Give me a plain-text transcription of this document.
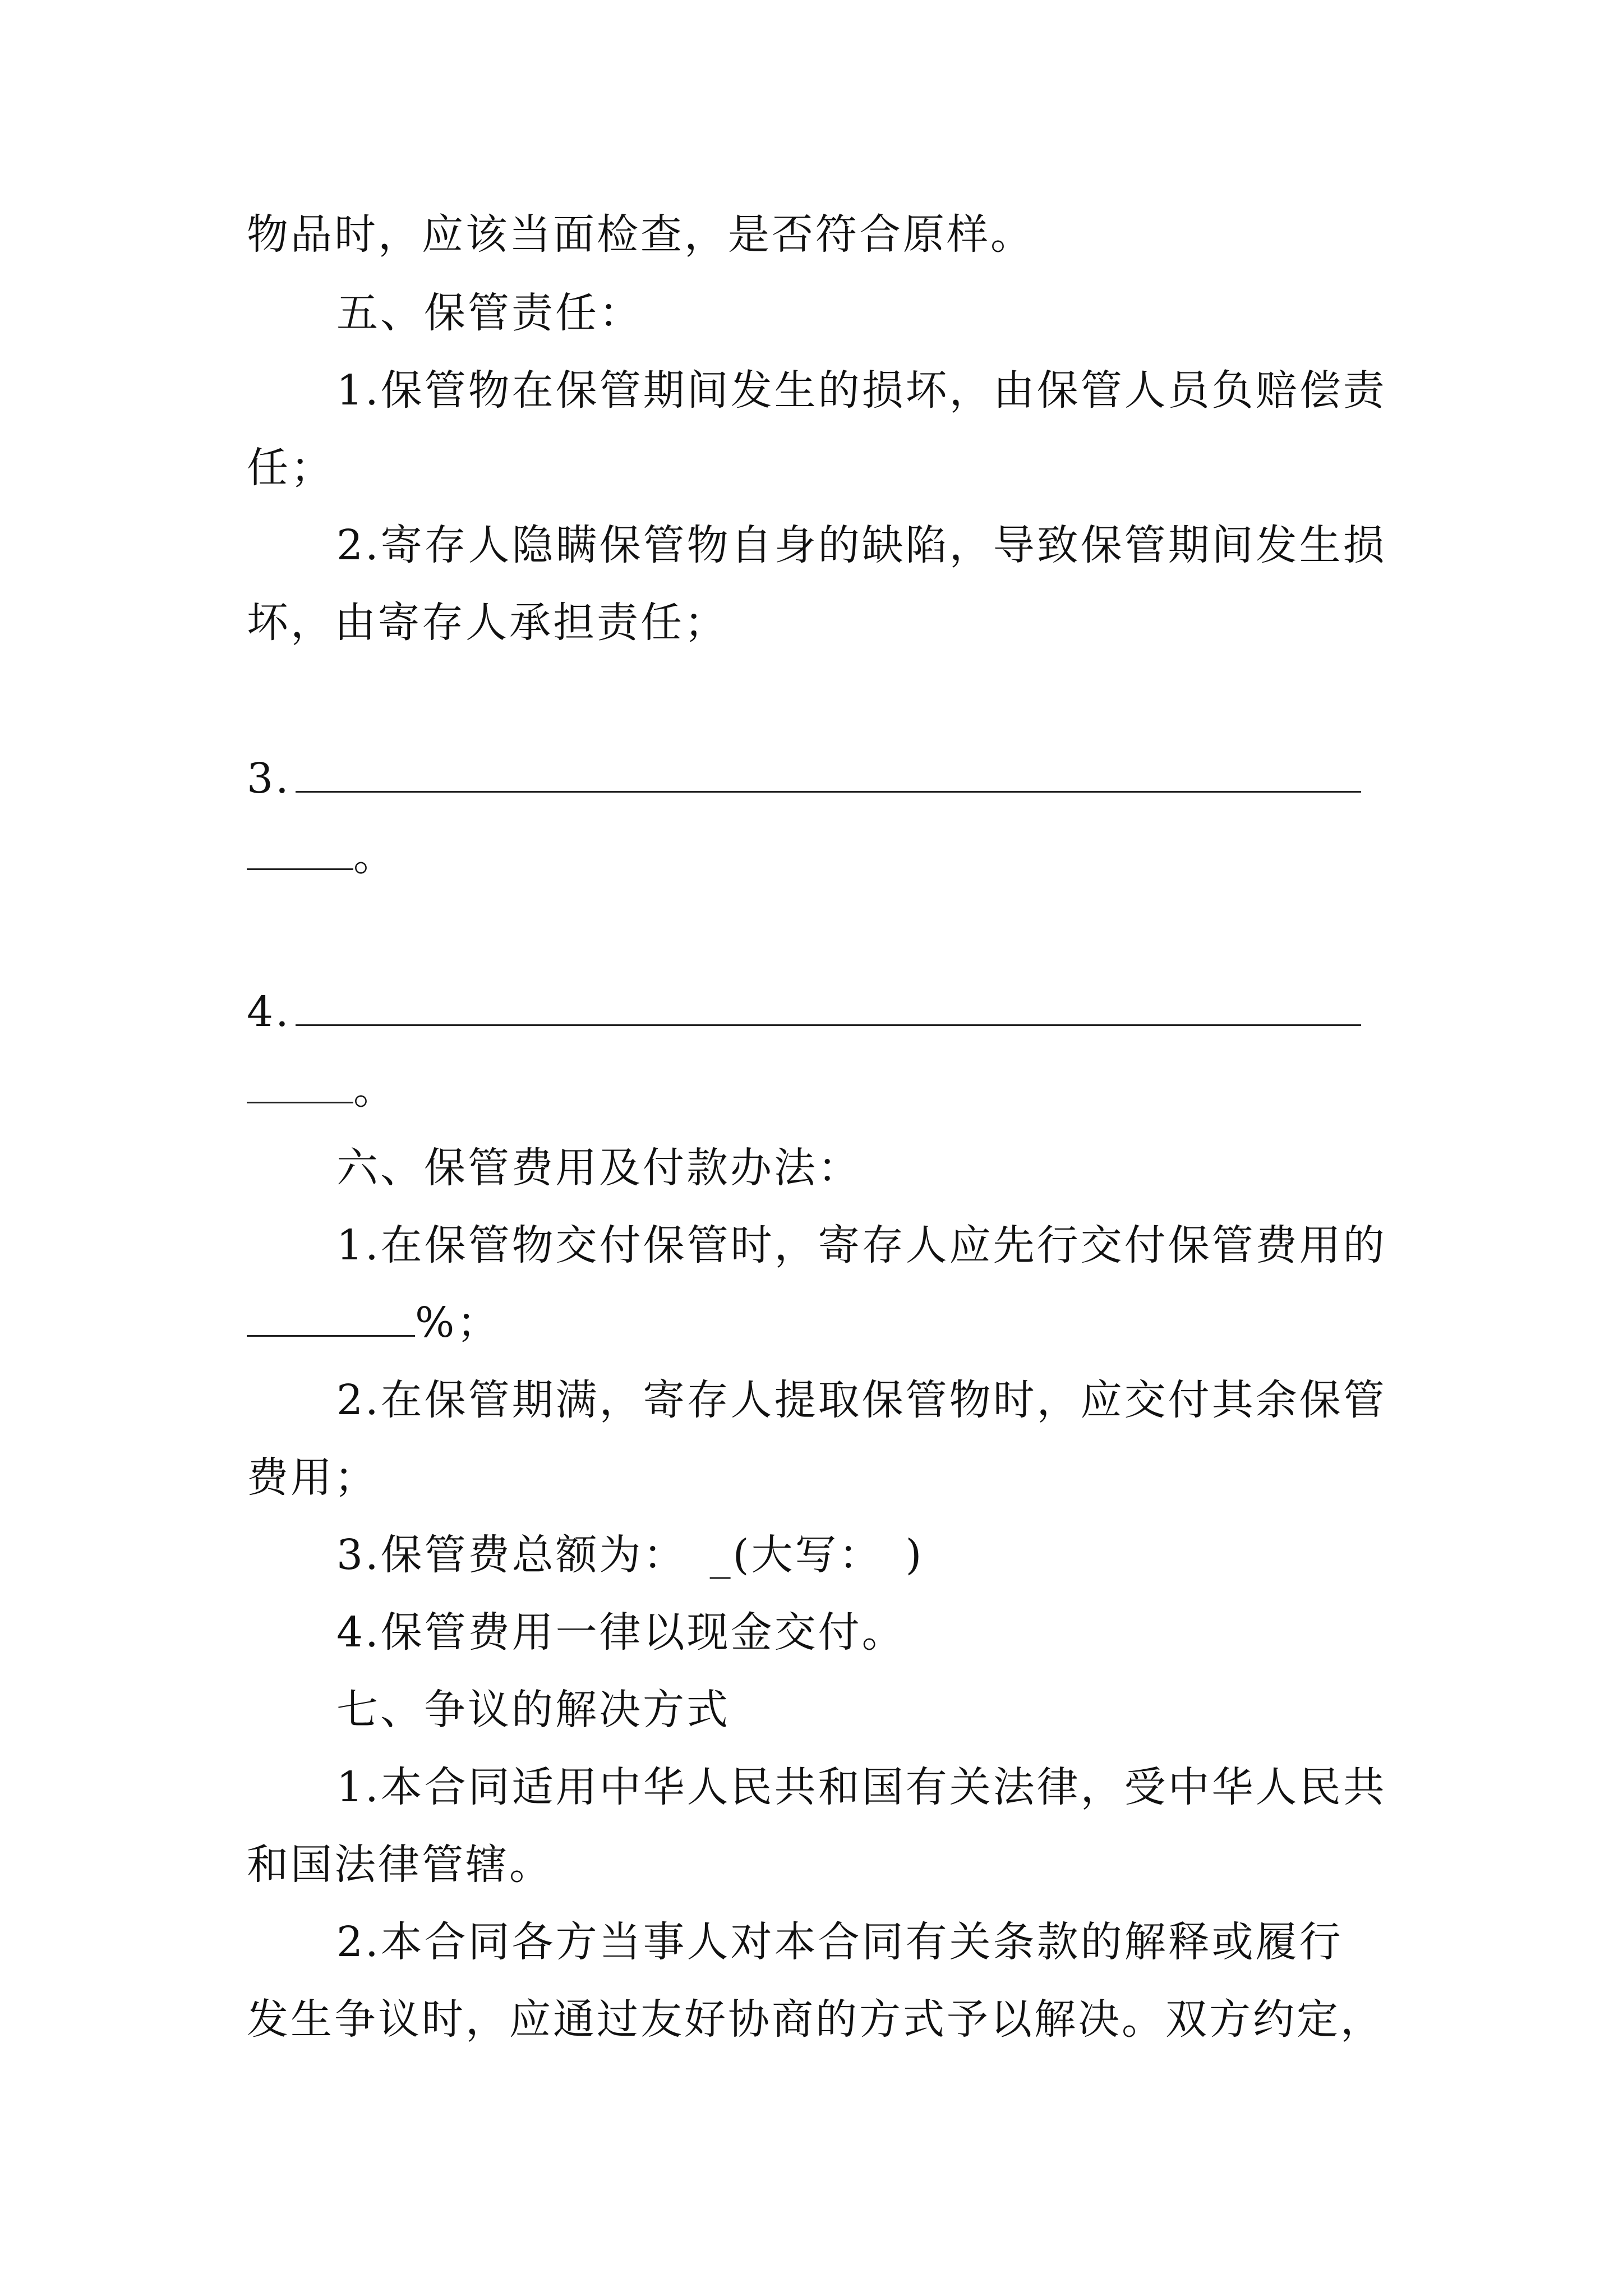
物品时，应该当面检查，是否符合原样。
五、保管责任：
1.保管物在保管期间发生的损坏，由保管人员负赔偿责
任；
2.寄存人隐瞒保管物自身的缺陷，导致保管期间发生损
坏，由寄存人承担责任；
3.
。
4.
。
六、保管费用及付款办法：
1.在保管物交付保管时，寄存人应先行交付保管费用的
%；
2.在保管期满，寄存人提取保管物时，应交付其余保管
费用；
3.保管费总额为：　_(大写：　)
4.保管费用一律以现金交付。
七、争议的解决方式
1.本合同适用中华人民共和国有关法律，受中华人民共
和国法律管辖。
2.本合同各方当事人对本合同有关条款的解释或履行
发生争议时，应通过友好协商的方式予以解决。双方约定，
